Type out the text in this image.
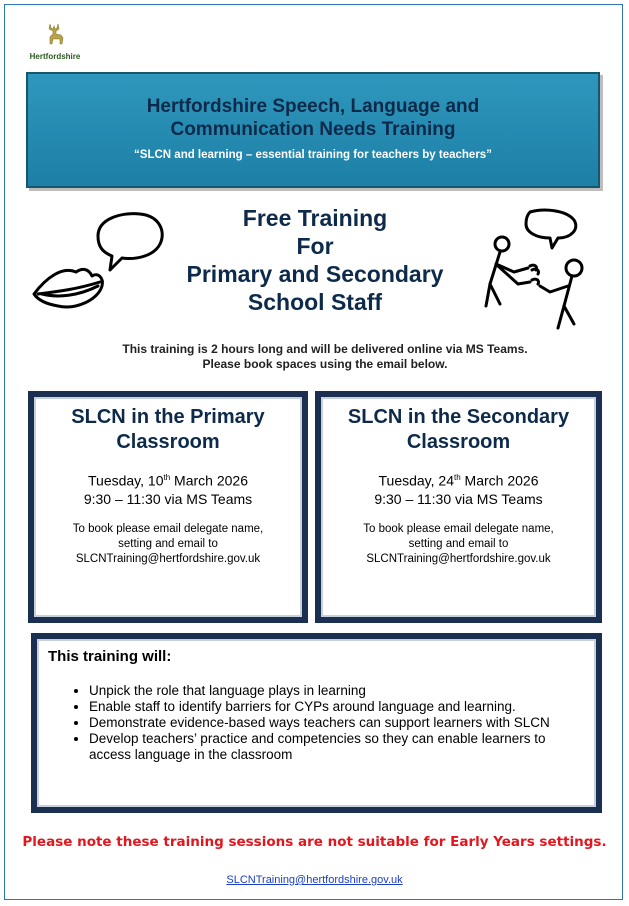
Hertfordshire
Hertfordshire Speech, Language and
Communication Needs Training
“SLCN and learning – essential training for teachers by teachers”
Free Training
For
Primary and Secondary
School Staff
This training is 2 hours long and will be delivered online via MS Teams.
Please book spaces using the email below.
SLCN in the Primary
Classroom
Tuesday, 10th March 2026
9:30 – 11:30 via MS Teams
To book please email delegate name,
setting and email to
SLCNTraining@hertfordshire.gov.uk
SLCN in the Secondary
Classroom
Tuesday, 24th March 2026
9:30 – 11:30 via MS Teams
To book please email delegate name,
setting and email to
SLCNTraining@hertfordshire.gov.uk
This training will:
• Unpick the role that language plays in learning
• Enable staff to identify barriers for CYPs around language and learning.
• Demonstrate evidence-based ways teachers can support learners with SLCN
• Develop teachers’ practice and competencies so they can enable learners to access language in the classroom
Please note these training sessions are not suitable for Early Years settings.
SLCNTraining@hertfordshire.gov.uk
